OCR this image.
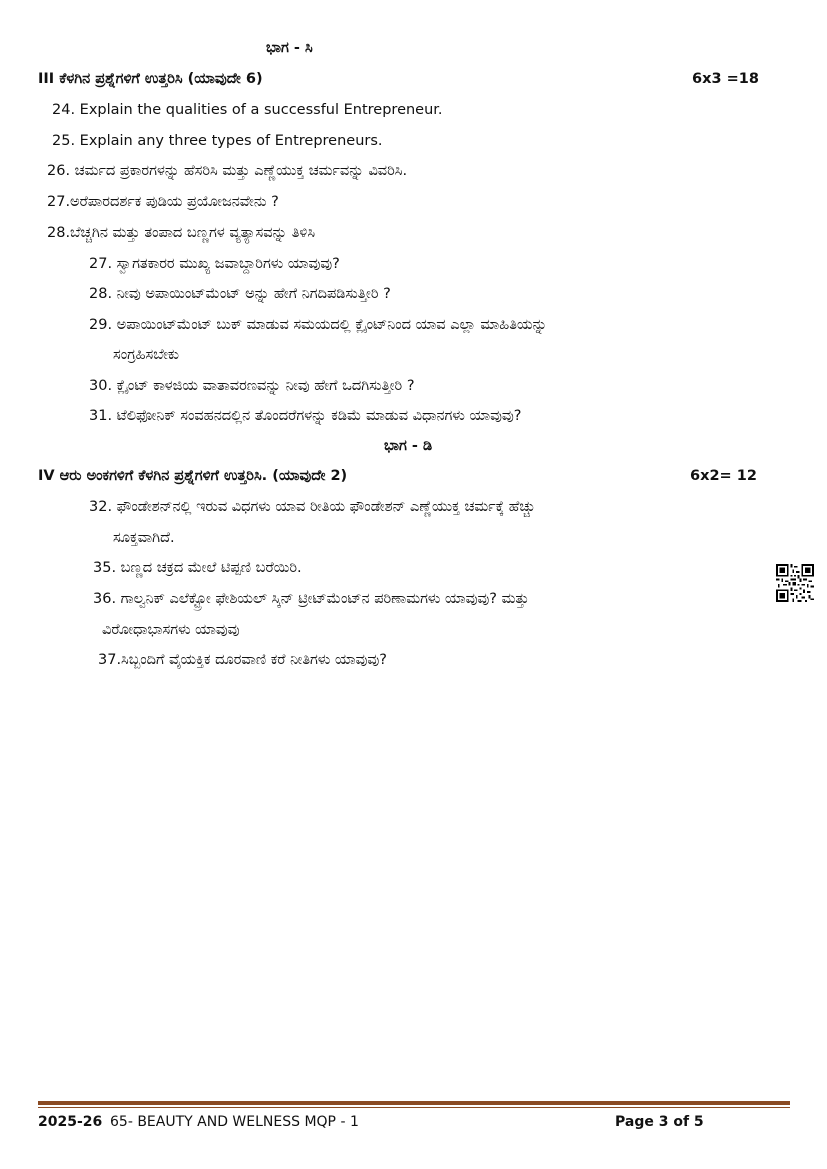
ಭಾಗ - ಸಿ
III ಕೆಳಗಿನ ಪ್ರಶ್ನೆಗಳಿಗೆ ಉತ್ತರಿಸಿ (ಯಾವುದೇ 6)	6x3 =18
24. Explain the qualities of a successful Entrepreneur.
25. Explain any three types of Entrepreneurs.
26. ಚರ್ಮದ ಪ್ರಕಾರಗಳನ್ನು ಹೆಸರಿಸಿ ಮತ್ತು ಎಣ್ಣೆಯುಕ್ತ ಚರ್ಮವನ್ನು ವಿವರಿಸಿ.
27.ಅರೆಪಾರದರ್ಶಕ ಪುಡಿಯ ಪ್ರಯೋಜನವೇನು ?
28.ಬೆಚ್ಚಗಿನ ಮತ್ತು ತಂಪಾದ ಬಣ್ಣಗಳ ವ್ಯತ್ಯಾಸವನ್ನು ತಿಳಿಸಿ
27. ಸ್ವಾಗತಕಾರರ ಮುಖ್ಯ ಜವಾಬ್ದಾರಿಗಳು ಯಾವುವು?
28. ನೀವು ಅಪಾಯಿಂಟ್‌ಮೆಂಟ್ ಅನ್ನು ಹೇಗೆ ನಿಗದಿಪಡಿಸುತ್ತೀರಿ ?
29. ಅಪಾಯಿಂಟ್‌ಮೆಂಟ್ ಬುಕ್ ಮಾಡುವ ಸಮಯದಲ್ಲಿ ಕ್ಲೈಂಟ್‌ನಿಂದ ಯಾವ ಎಲ್ಲಾ ಮಾಹಿತಿಯನ್ನು
ಸಂಗ್ರಹಿಸಬೇಕು
30. ಕ್ಲೈಂಟ್ ಕಾಳಜಿಯ ವಾತಾವರಣವನ್ನು ನೀವು ಹೇಗೆ ಒದಗಿಸುತ್ತೀರಿ ?
31. ಟೆಲಿಫೋನಿಕ್ ಸಂವಹನದಲ್ಲಿನ ತೊಂದರೆಗಳನ್ನು ಕಡಿಮೆ ಮಾಡುವ ವಿಧಾನಗಳು ಯಾವುವು?
ಭಾಗ - ಡಿ
IV ಆರು ಅಂಕಗಳಿಗೆ ಕೆಳಗಿನ ಪ್ರಶ್ನೆಗಳಿಗೆ ಉತ್ತರಿಸಿ. (ಯಾವುದೇ 2)	6x2= 12
32. ಫೌಂಡೇಶನ್‌ನಲ್ಲಿ ಇರುವ ವಿಧಗಳು ಯಾವ ರೀತಿಯ ಫೌಂಡೇಶನ್ ಎಣ್ಣೆಯುಕ್ತ ಚರ್ಮಕ್ಕೆ ಹೆಚ್ಚು
ಸೂಕ್ತವಾಗಿದೆ.
35. ಬಣ್ಣದ ಚಕ್ರದ ಮೇಲೆ ಟಿಪ್ಪಣಿ ಬರೆಯಿರಿ.
36. ಗಾಲ್ವನಿಕ್ ಎಲೆಕ್ಟ್ರೋ ಫೇಶಿಯಲ್ ಸ್ಕಿನ್ ಟ್ರೀಟ್‌ಮೆಂಟ್‌ನ ಪರಿಣಾಮಗಳು ಯಾವುವು? ಮತ್ತು
ವಿರೋಧಾಭಾಸಗಳು ಯಾವುವು
37.ಸಿಬ್ಬಂದಿಗೆ ವೈಯಕ್ತಿಕ ದೂರವಾಣಿ ಕರೆ ನೀತಿಗಳು ಯಾವುವು?
2025-26 65- BEAUTY AND WELNESS MQP - 1	Page 3 of 5
